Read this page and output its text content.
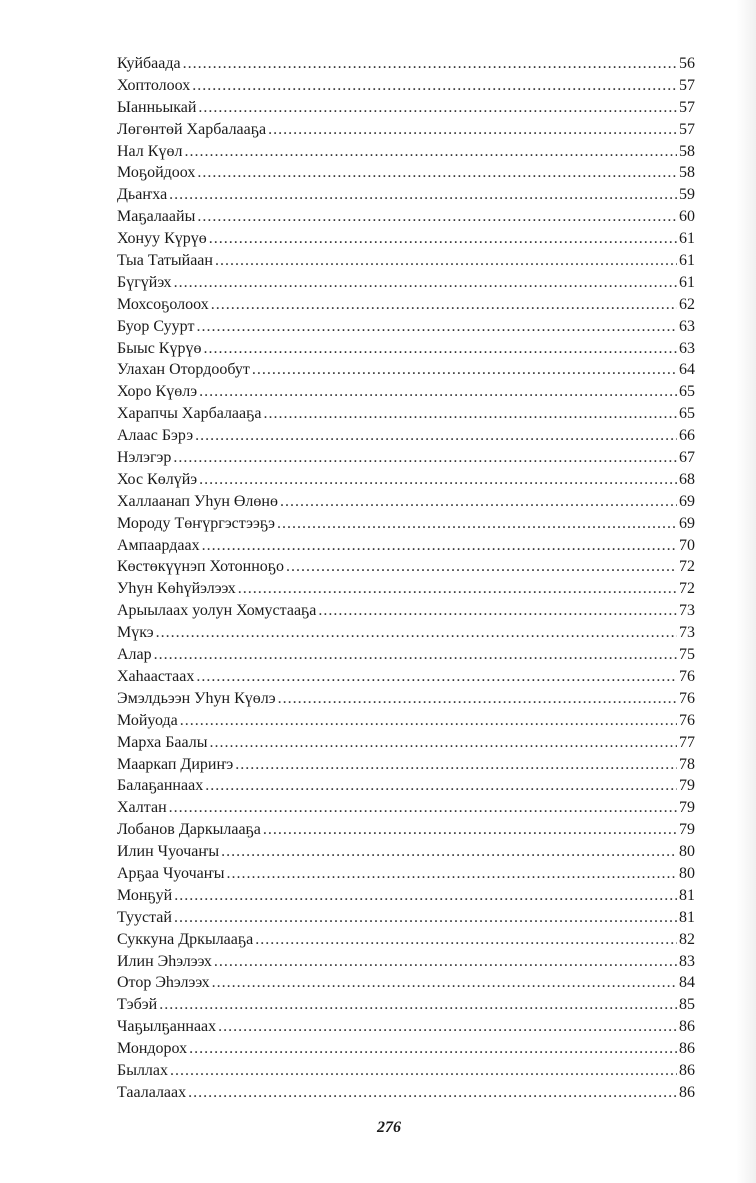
Куйбаада .....	56
Хоптолоох .....	57
Ыанньыкай .....	57
Лөгөнтөй Харбалааҕа .....	57
Нал Күөл .....	58
Моҕойдоох .....	58
Дьаҥха .....	59
Маҕалаайы .....	60
Хонуу Күрүө .....	61
Тыа Татыйаан .....	61
Бүгүйэх .....	61
Мохсоҕолоох .....	62
Буор Суурт .....	63
Быыс Күрүө .....	63
Улахан Отордообут .....	64
Хоро Күөлэ .....	65
Харапчы Харбалааҕа .....	65
Алаас Бэрэ .....	66
Нэлэгэр .....	67
Хос Көлүйэ .....	68
Халлаанап Уһун Өлөнө .....	69
Мороду Төҥүргэстээҕэ .....	69
Ампаардаах .....	70
Көстөкүүнэп Хотонноҕо .....	72
Уһун Көһүйэлээх .....	72
Арыылаах уолун Хомустааҕа .....	73
Мүкэ .....	73
Алар .....	75
Хаһаастаах .....	76
Эмэлдьээн Уһун Күөлэ .....	76
Мойуода .....	76
Марха Баалы .....	77
Мааркап Дириҥэ .....	78
Балаҕаннаах .....	79
Халтан .....	79
Лобанов Даркылааҕа .....	79
Илин Чуочаҥы .....	80
Арҕаа Чуочаҥы .....	80
Монҕуй .....	81
Туустай .....	81
Суккуна Дркылааҕа .....	82
Илин Эһэлээх .....	83
Отор Эһэлээх .....	84
Тэбэй .....	85
Чаҕылҕаннаах .....	86
Мондорох .....	86
Быллах .....	86
Таалалаах .....	86
276
